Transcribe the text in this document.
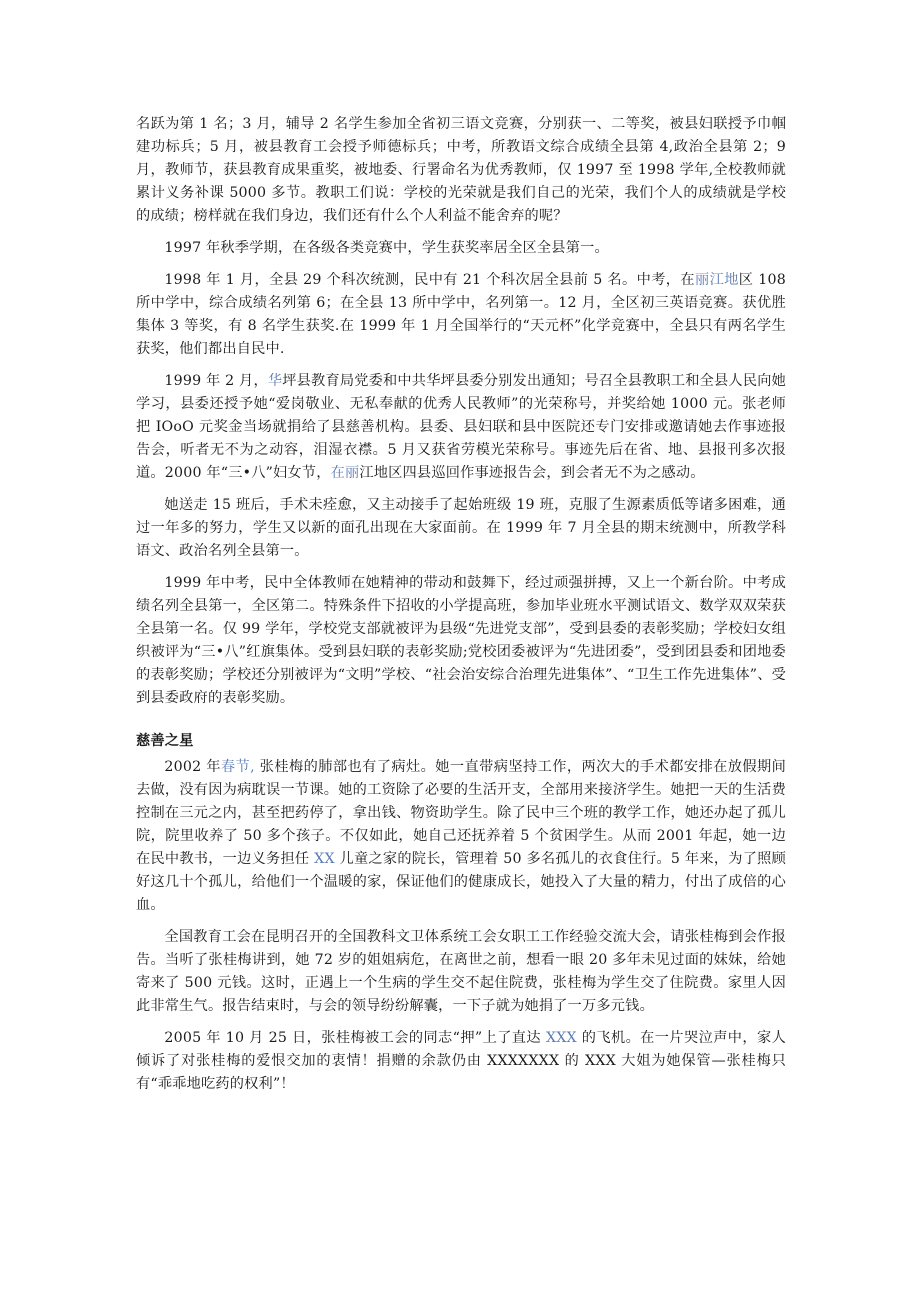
名跃为第 1 名；3 月，辅导 2 名学生参加全省初三语文竞赛，分别获一、二等奖，被县妇联授予巾帼建功标兵；5 月，被县教育工会授予师德标兵；中考，所教语文综合成绩全县第 4,政治全县第 2；9 月，教师节，获县教育成果重奖，被地委、行署命名为优秀教师，仅 1997 至 1998 学年,全校教师就累计义务补课 5000 多节。教职工们说：学校的光荣就是我们自己的光荣，我们个人的成绩就是学校的成绩；榜样就在我们身边，我们还有什么个人利益不能舍弃的呢？

1997 年秋季学期，在各级各类竞赛中，学生获奖率居全区全县第一。

1998 年 1 月，全县 29 个科次统测，民中有 21 个科次居全县前 5 名。中考，在丽江地区 108 所中学中，综合成绩名列第 6；在全县 13 所中学中，名列第一。12 月，全区初三英语竞赛。获优胜集体 3 等奖，有 8 名学生获奖.在 1999 年 1 月全国举行的“天元杯”化学竞赛中，全县只有两名学生获奖，他们都出自民中.

1999 年 2 月，华坪县教育局党委和中共华坪县委分别发出通知；号召全县教职工和全县人民向她学习，县委还授予她“爱岗敬业、无私奉献的优秀人民教师”的光荣称号，并奖给她 1000 元。张老师把 IOoO 元奖金当场就捐给了县慈善机构。县委、县妇联和县中医院还专门安排或邀请她去作事迹报告会，听者无不为之动容，泪湿衣襟。5 月又获省劳模光荣称号。事迹先后在省、地、县报刊多次报道。2000 年“三•八”妇女节，在丽江地区四县巡回作事迹报告会，到会者无不为之感动。

她送走 15 班后，手术未痊愈，又主动接手了起始班级 19 班，克服了生源素质低等诸多困难，通过一年多的努力，学生又以新的面孔出现在大家面前。在 1999 年 7 月全县的期末统测中，所教学科语文、政治名列全县第一。

1999 年中考，民中全体教师在她精神的带动和鼓舞下，经过顽强拼搏，又上一个新台阶。中考成绩名列全县第一，全区第二。特殊条件下招收的小学提高班，参加毕业班水平测试语文、数学双双荣获全县第一名。仅 99 学年，学校党支部就被评为县级“先进党支部”，受到县委的表彰奖励；学校妇女组织被评为“三•八”红旗集体。受到县妇联的表彰奖励;党校团委被评为“先进团委”，受到团县委和团地委的表彰奖励；学校还分别被评为“文明”学校、“社会治安综合治理先进集体”、“卫生工作先进集体”、受到县委政府的表彰奖励。

慈善之星

2002 年春节, 张桂梅的肺部也有了病灶。她一直带病坚持工作，两次大的手术都安排在放假期间去做，没有因为病耽误一节课。她的工资除了必要的生活开支，全部用来接济学生。她把一天的生活费控制在三元之内，甚至把药停了，拿出钱、物资助学生。除了民中三个班的教学工作，她还办起了孤儿院，院里收养了 50 多个孩子。不仅如此，她自己还抚养着 5 个贫困学生。从而 2001 年起，她一边在民中教书，一边义务担任 XX 儿童之家的院长，管理着 50 多名孤儿的衣食住行。5 年来，为了照顾好这几十个孤儿，给他们一个温暖的家，保证他们的健康成长，她投入了大量的精力，付出了成倍的心血。

全国教育工会在昆明召开的全国教科文卫体系统工会女职工工作经验交流大会，请张桂梅到会作报告。当听了张桂梅讲到，她 72 岁的姐姐病危，在离世之前，想看一眼 20 多年未见过面的妹妹，给她寄来了 500 元钱。这时，正遇上一个生病的学生交不起住院费，张桂梅为学生交了住院费。家里人因此非常生气。报告结束时，与会的领导纷纷解囊，一下子就为她捐了一万多元钱。

2005 年 10 月 25 日，张桂梅被工会的同志“押”上了直达 XXX 的飞机。在一片哭泣声中，家人倾诉了对张桂梅的爱恨交加的衷情！捐赠的余款仍由 XXXXXXX 的 XXX 大姐为她保管—张桂梅只有“乖乖地吃药的权利”！
